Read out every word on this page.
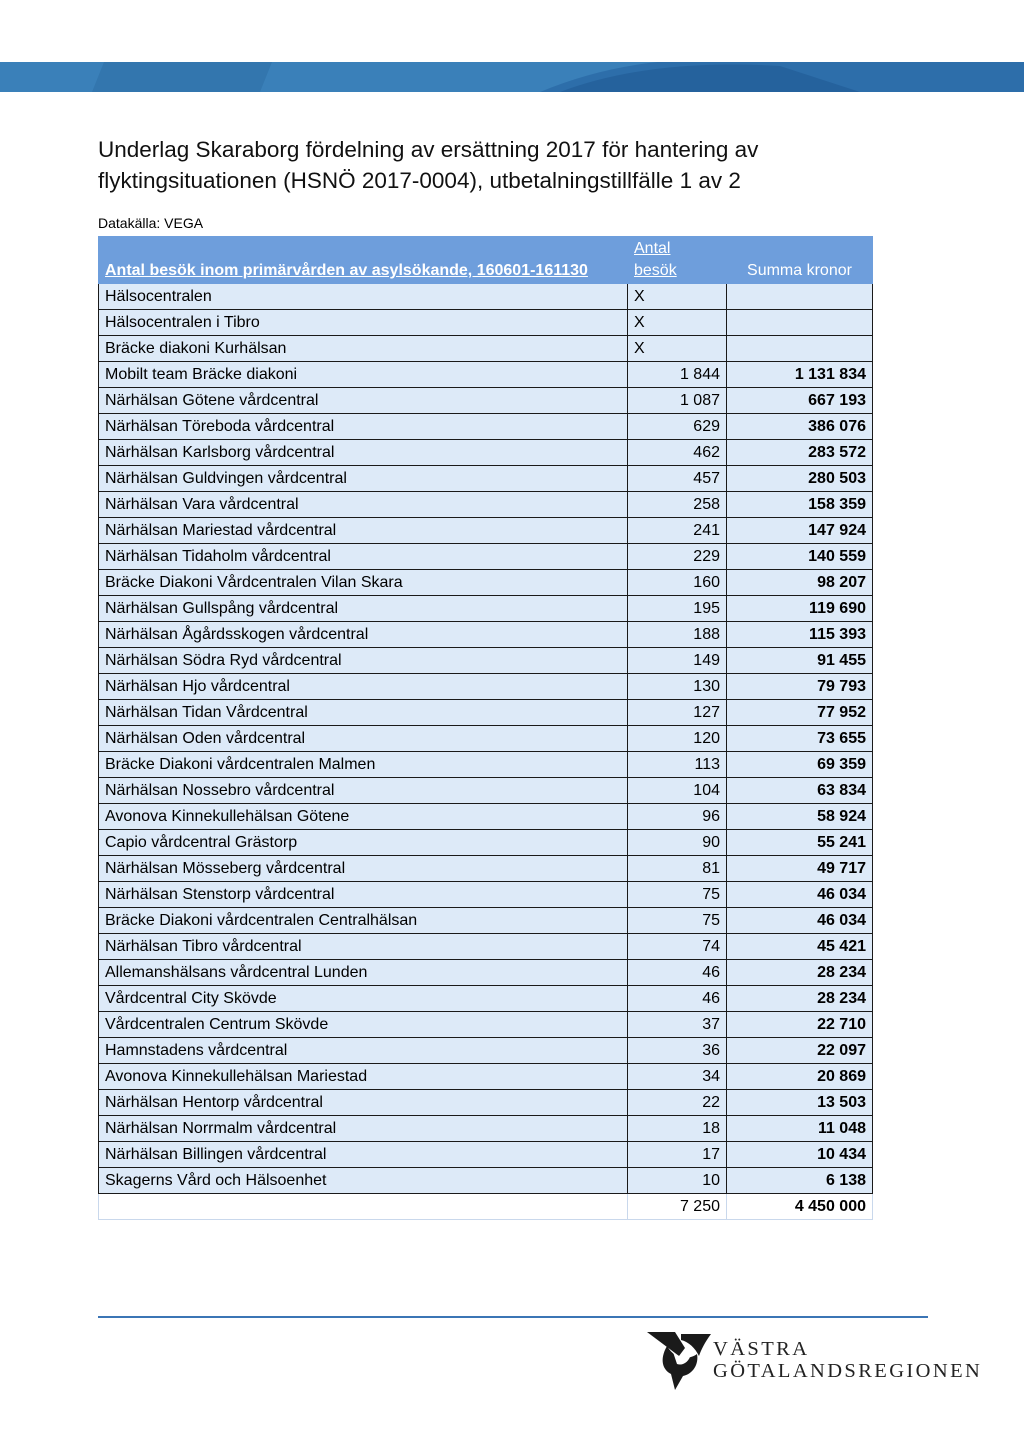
Underlag Skaraborg fördelning av ersättning 2017 för hantering av
flyktingsituationen (HSNÖ 2017-0004), utbetalningstillfälle 1 av 2
Datakälla: VEGA
Antal besök inom primärvården av asylsökande, 160601-161130	Antal
besök	Summa kronor
Hälsocentralen	X	
Hälsocentralen i Tibro	X	
Bräcke diakoni Kurhälsan	X	
Mobilt team Bräcke diakoni	1 844	1 131 834
Närhälsan Götene vårdcentral	1 087	667 193
Närhälsan Töreboda vårdcentral	629	386 076
Närhälsan Karlsborg vårdcentral	462	283 572
Närhälsan Guldvingen vårdcentral	457	280 503
Närhälsan Vara vårdcentral	258	158 359
Närhälsan Mariestad vårdcentral	241	147 924
Närhälsan Tidaholm vårdcentral	229	140 559
Bräcke Diakoni Vårdcentralen Vilan Skara	160	98 207
Närhälsan Gullspång vårdcentral	195	119 690
Närhälsan Ågårdsskogen vårdcentral	188	115 393
Närhälsan Södra Ryd vårdcentral	149	91 455
Närhälsan Hjo vårdcentral	130	79 793
Närhälsan Tidan Vårdcentral	127	77 952
Närhälsan Oden vårdcentral	120	73 655
Bräcke Diakoni vårdcentralen Malmen	113	69 359
Närhälsan Nossebro vårdcentral	104	63 834
Avonova Kinnekullehälsan Götene	96	58 924
Capio vårdcentral Grästorp	90	55 241
Närhälsan Mösseberg vårdcentral	81	49 717
Närhälsan Stenstorp vårdcentral	75	46 034
Bräcke Diakoni vårdcentralen Centralhälsan	75	46 034
Närhälsan Tibro vårdcentral	74	45 421
Allemanshälsans vårdcentral Lunden	46	28 234
Vårdcentral City Skövde	46	28 234
Vårdcentralen Centrum Skövde	37	22 710
Hamnstadens vårdcentral	36	22 097
Avonova Kinnekullehälsan Mariestad	34	20 869
Närhälsan Hentorp vårdcentral	22	13 503
Närhälsan Norrmalm vårdcentral	18	11 048
Närhälsan Billingen vårdcentral	17	10 434
Skagerns Vård och Hälsoenhet	10	6 138
	7 250	4 450 000
VÄSTRA
GÖTALANDSREGIONEN
